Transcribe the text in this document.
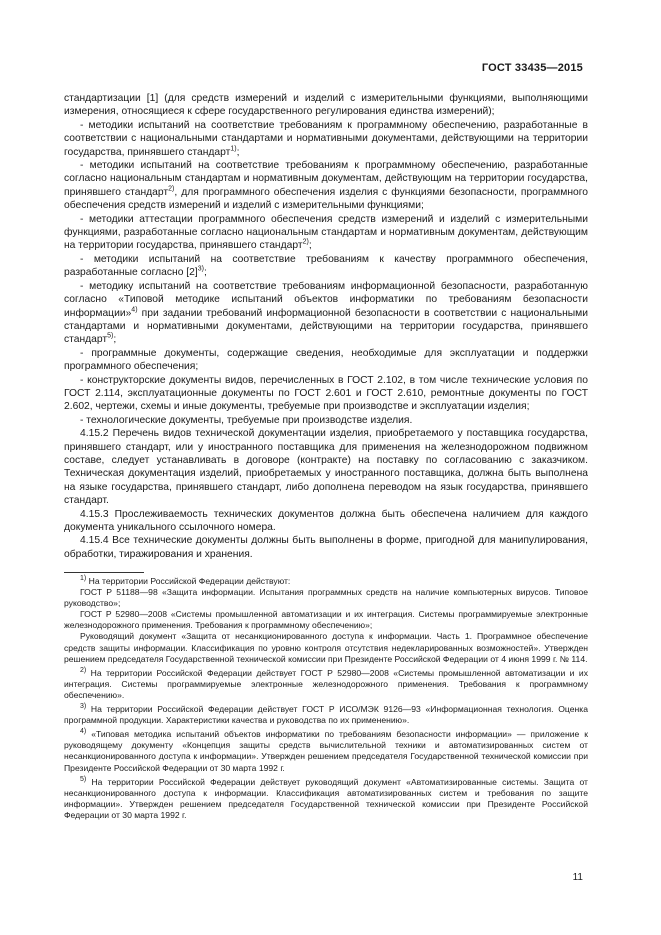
ГОСТ 33435—2015

стандартизации [1] (для средств измерений и изделий с измерительными функциями, выполняющими измерения, относящиеся к сфере государственного регулирования единства измерений);

- методики испытаний на соответствие требованиям к программному обеспечению, разработанные в соответствии с национальными стандартами и нормативными документами, действующими на территории государства, принявшего стандарт$^{1)}$;

- методики испытаний на соответствие требованиям к программному обеспечению, разработанные согласно национальным стандартам и нормативным документам, действующим на территории государства, принявшего стандарт$^{2)}$, для программного обеспечения изделия с функциями безопасности, программного обеспечения средств измерений и изделий с измерительными функциями;

- методики аттестации программного обеспечения средств измерений и изделий с измерительными функциями, разработанные согласно национальным стандартам и нормативным документам, действующим на территории государства, принявшего стандарт$^{2)}$;

- методики испытаний на соответствие требованиям к качеству программного обеспечения, разработанные согласно $[2]^{3)}$;

- методику испытаний на соответствие требованиям информационной безопасности, разработанную согласно «Типовой методике испытаний объектов информатики по требованиям безопасности информации»$^{4)}$ при задании требований информационной безопасности в соответствии с национальными стандартами и нормативными документами, действующими на территории государства, принявшего стандарт$^{5)}$;

- программные документы, содержащие сведения, необходимые для эксплуатации и поддержки программного обеспечения;

- конструкторские документы видов, перечисленных в ГОСТ 2.102, в том числе технические условия по ГОСТ 2.114, эксплуатационные документы по ГОСТ 2.601 и ГОСТ 2.610, ремонтные документы по ГОСТ 2.602, чертежи, схемы и иные документы, требуемые при производстве и эксплуатации изделия;

- технологические документы, требуемые при производстве изделия.

4.15.2 Перечень видов технической документации изделия, приобретаемого у поставщика государства, принявшего стандарт, или у иностранного поставщика для применения на железнодорожном подвижном составе, следует устанавливать в договоре (контракте) на поставку по согласованию с заказчиком. Техническая документация изделий, приобретаемых у иностранного поставщика, должна быть выполнена на языке государства, принявшего стандарт, либо дополнена переводом на язык государства, принявшего стандарт.

4.15.3 Прослеживаемость технических документов должна быть обеспечена наличием для каждого документа уникального ссылочного номера.

4.15.4 Все технические документы должны быть выполнены в форме, пригодной для манипулирования, обработки, тиражирования и хранения.

$^{1)}$ На территории Российской Федерации действуют:

ГОСТ Р 51188—98 «Защита информации. Испытания программных средств на наличие компьютерных вирусов. Типовое руководство»;

ГОСТ Р 52980—2008 «Системы промышленной автоматизации и их интеграция. Системы программируемые электронные железнодорожного применения. Требования к программному обеспечению»;

Руководящий документ «Защита от несанкционированного доступа к информации. Часть 1. Программное обеспечение средств защиты информации. Классификация по уровню контроля отсутствия недекларированных возможностей». Утвержден решением председателя Государственной технической комиссии при Президенте Российской Федерации от 4 июня 1999 г. № 114.

$^{2)}$ На территории Российской Федерации действует ГОСТ Р 52980—2008 «Системы промышленной автоматизации и их интеграция. Системы программируемые электронные железнодорожного применения. Требования к программному обеспечению».

$^{3)}$ На территории Российской Федерации действует ГОСТ Р ИСО/МЭК 9126—93 «Информационная технология. Оценка программной продукции. Характеристики качества и руководства по их применению».

$^{4)}$ «Типовая методика испытаний объектов информатики по требованиям безопасности информации» — приложение к руководящему документу «Концепция защиты средств вычислительной техники и автоматизированных систем от несанкционированного доступа к информации». Утвержден решением председателя Государственной технической комиссии при Президенте Российской Федерации от 30 марта 1992 г.

$^{5)}$ На территории Российской Федерации действует руководящий документ «Автоматизированные системы. Защита от несанкционированного доступа к информации. Классификация автоматизированных систем и требования по защите информации». Утвержден решением председателя Государственной технической комиссии при Президенте Российской Федерации от 30 марта 1992 г.

11
